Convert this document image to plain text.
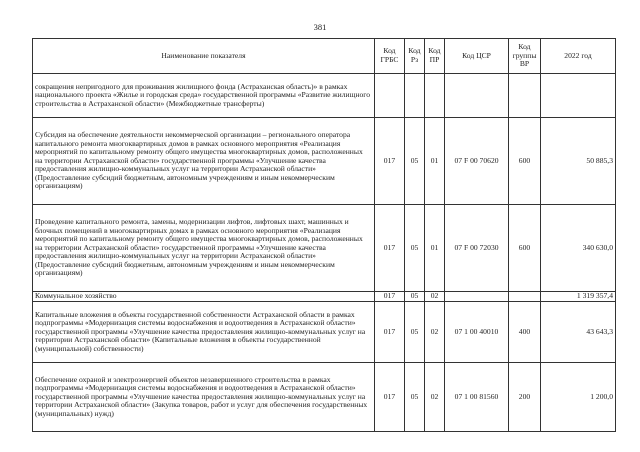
381
Наименование показателя	Код ГРБС	Код Рз	Код ПР	Код ЦСР	Код группы ВР	2022 год
сокращения непригодного для проживания жилищного фонда (Астраханская область)» в рамках национального проекта «Жилье и городская среда» государственной программы «Развитие жилищного строительства в Астраханской области» (Межбюджетные трансферты)						
Субсидия на обеспечение деятельности некоммерческой организации – регионального оператора капитального ремонта многоквартирных домов в рамках основного мероприятия «Реализация мероприятий по капитальному ремонту общего имущества многоквартирных домов, расположенных на территории Астраханской области» государственной программы «Улучшение качества предоставления жилищно-коммунальных услуг на территории Астраханской области» (Предоставление субсидий бюджетным, автономным учреждениям и иным некоммерческим организациям)	017	05	01	07 F 00 70620	600	50 885,3
Проведение капитального ремонта, замены, модернизации лифтов, лифтовых шахт, машинных и блочных помещений в многоквартирных домах в рамках основного мероприятия «Реализация мероприятий по капитальному ремонту общего имущества многоквартирных домов, расположенных на территории Астраханской области» государственной программы «Улучшение качества предоставления жилищно-коммунальных услуг на территории Астраханской области» (Предоставление субсидий бюджетным, автономным учреждениям и иным некоммерческим организациям)	017	05	01	07 F 00 72030	600	340 630,0
Коммунальное хозяйство	017	05	02			1 319 357,4
Капитальные вложения в объекты государственной собственности Астраханской области в рамках подпрограммы «Модернизация системы водоснабжения и водоотведения в Астраханской области» государственной программы «Улучшение качества предоставления жилищно-коммунальных услуг на территории Астраханской области» (Капитальные вложения в объекты государственной (муниципальной) собственности)	017	05	02	07 1 00 40010	400	43 643,3
Обеспечение охраной и электроэнергией объектов незавершенного строительства в рамках подпрограммы «Модернизация системы водоснабжения и водоотведения в Астраханской области» государственной программы «Улучшение качества предоставления жилищно-коммунальных услуг на территории Астраханской области» (Закупка товаров, работ и услуг для обеспечения государственных (муниципальных) нужд)	017	05	02	07 1 00 81560	200	1 200,0
